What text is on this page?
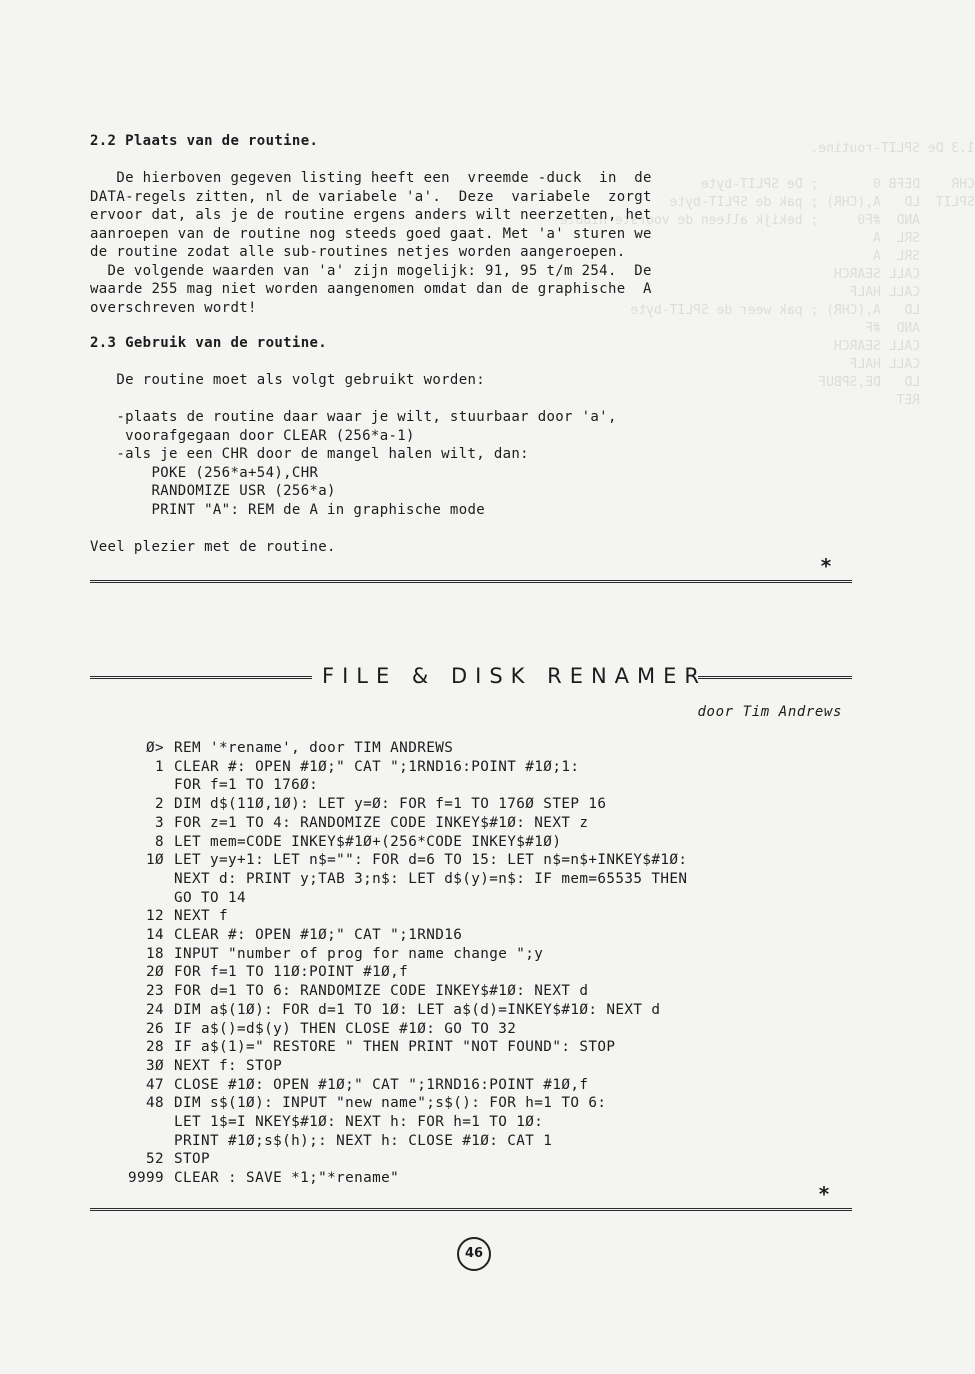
1.3 De SPLIT-routine.

CHR    DEFB 0       ; De SPLIT-byte
SPLIT  LD   A,(CHR) ; pak de SPLIT-byte
AND  #F0     ; bekijk alleen de voorste nibble
SRL  A
SRL  A
CALL SEARCH
CALL HALF
LD   A,(CHR) ; pak weer de SPLIT-byte
AND  #F
CALL SEARCH
CALL HALF
LD   DE,SPBUF
RET
2.2 Plaats van de routine.
De hierboven gegeven listing heeft een  vreemde -duck  in  de
DATA-regels zitten, nl de variabele 'a'.  Deze  variabele  zorgt
ervoor dat, als je de routine ergens anders wilt neerzetten, het
aanroepen van de routine nog steeds goed gaat. Met 'a' sturen we
de routine zodat alle sub-routines netjes worden aangeroepen.
De volgende waarden van 'a' zijn mogelijk: 91, 95 t/m 254.  De
waarde 255 mag niet worden aangenomen omdat dan de graphische  A
overschreven wordt!
2.3 Gebruik van de routine.
De routine moet als volgt gebruikt worden:
-plaats de routine daar waar je wilt, stuurbaar door 'a',
voorafgegaan door CLEAR (256*a-1)
-als je een CHR door de mangel halen wilt, dan:
POKE (256*a+54),CHR
RANDOMIZE USR (256*a)
PRINT "A": REM de A in graphische mode
Veel plezier met de routine.
*
FILE & DISK RENAMER
door Tim Andrews
Ø> REM '*rename', door TIM ANDREWS
1 CLEAR #: OPEN #1Ø;" CAT ";1RND16:POINT #1Ø;1:
FOR f=1 TO 176Ø:
2 DIM d$(11Ø,1Ø): LET y=Ø: FOR f=1 TO 176Ø STEP 16
3 FOR z=1 TO 4: RANDOMIZE CODE INKEY$#1Ø: NEXT z
8 LET mem=CODE INKEY$#1Ø+(256*CODE INKEY$#1Ø)
1Ø LET y=y+1: LET n$="": FOR d=6 TO 15: LET n$=n$+INKEY$#1Ø:
NEXT d: PRINT y;TAB 3;n$: LET d$(y)=n$: IF mem=65535 THEN
GO TO 14
12 NEXT f
14 CLEAR #: OPEN #1Ø;" CAT ";1RND16
18 INPUT "number of prog for name change ";y
2Ø FOR f=1 TO 11Ø:POINT #1Ø,f
23 FOR d=1 TO 6: RANDOMIZE CODE INKEY$#1Ø: NEXT d
24 DIM a$(1Ø): FOR d=1 TO 1Ø: LET a$(d)=INKEY$#1Ø: NEXT d
26 IF a$()=d$(y) THEN CLOSE #1Ø: GO TO 32
28 IF a$(1)=" RESTORE " THEN PRINT "NOT FOUND": STOP
3Ø NEXT f: STOP
47 CLOSE #1Ø: OPEN #1Ø;" CAT ";1RND16:POINT #1Ø,f
48 DIM s$(1Ø): INPUT "new name";s$(): FOR h=1 TO 6:
LET 1$=I NKEY$#1Ø: NEXT h: FOR h=1 TO 1Ø:
PRINT #1Ø;s$(h);: NEXT h: CLOSE #1Ø: CAT 1
52 STOP
9999 CLEAR : SAVE *1;"*rename"
*
46
